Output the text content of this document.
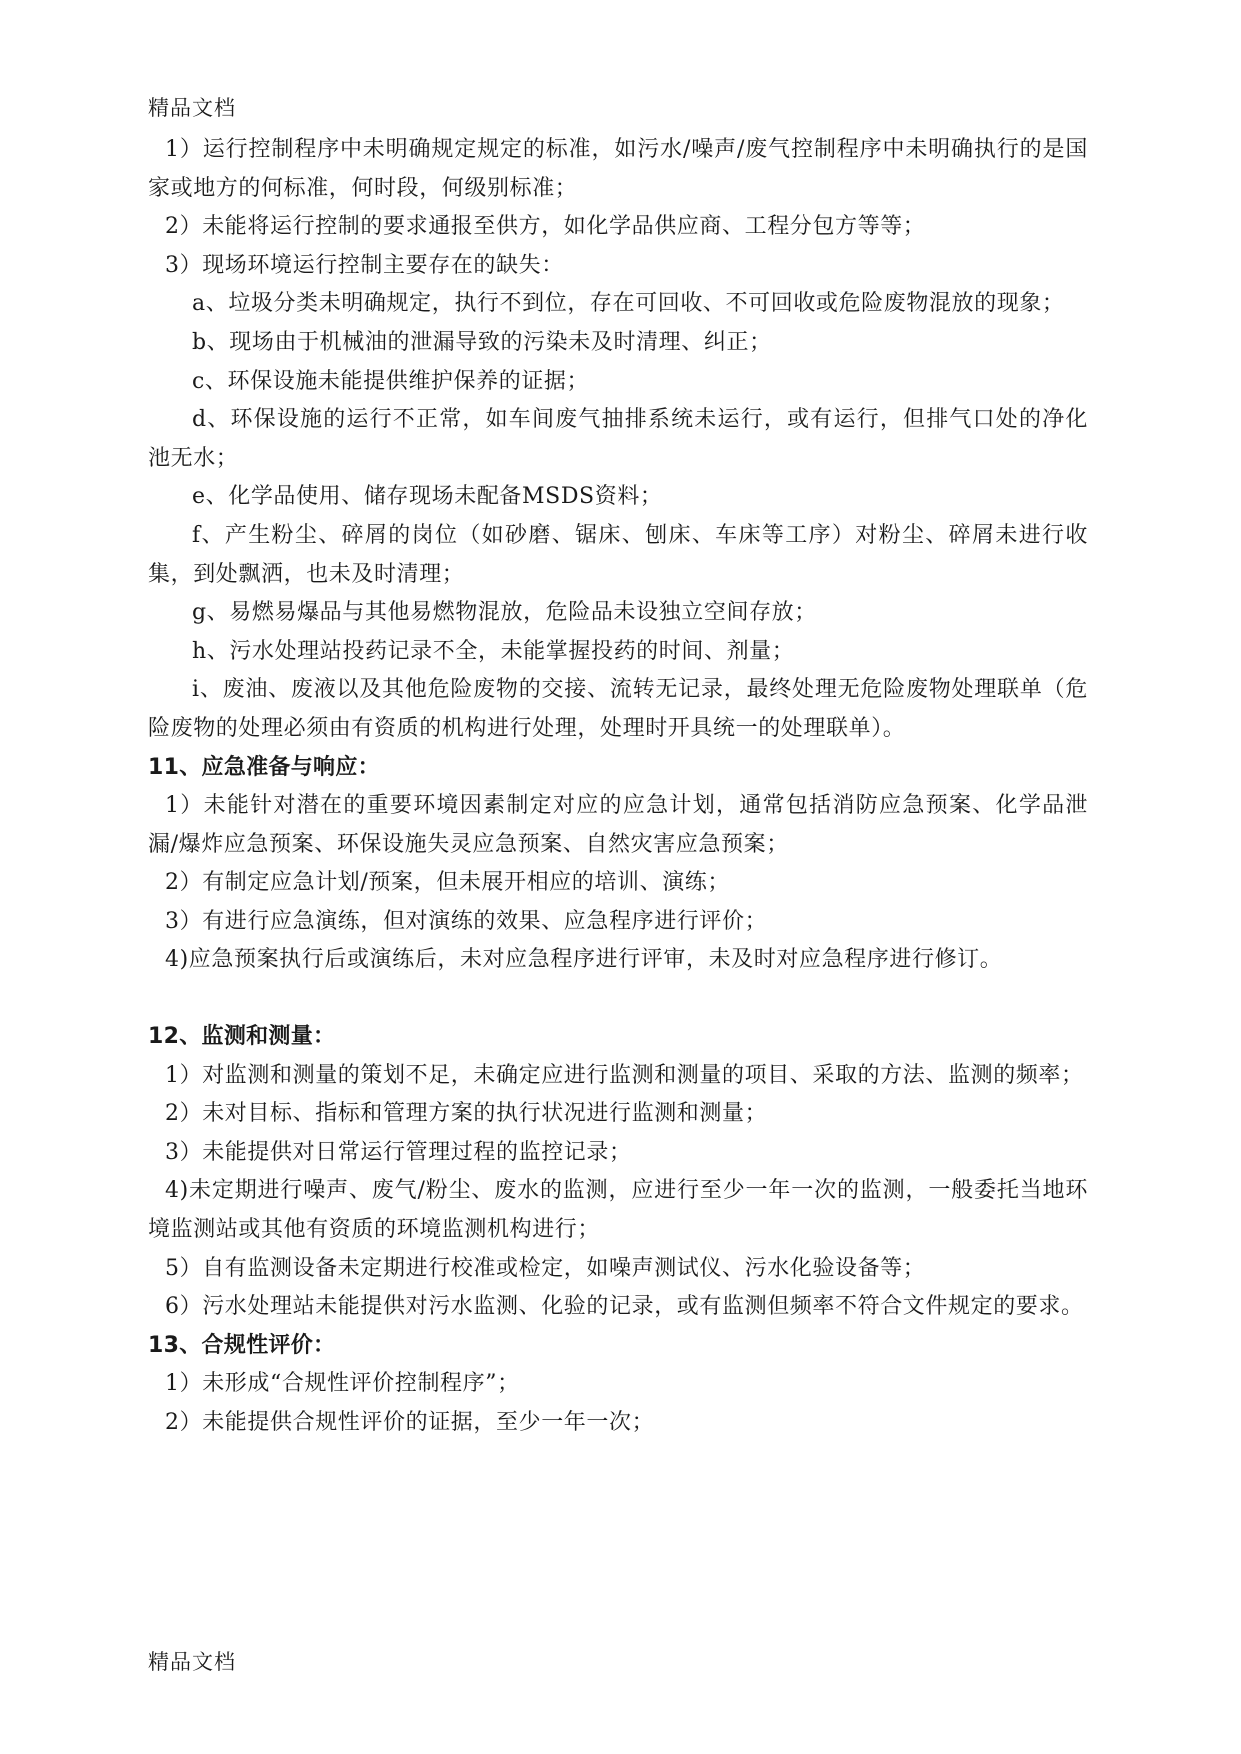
精品文档

1）运行控制程序中未明确规定规定的标准，如污水/噪声/废气控制程序中未明确执行的是国家或地方的何标准，何时段，何级别标准；

2）未能将运行控制的要求通报至供方，如化学品供应商、工程分包方等等；

3）现场环境运行控制主要存在的缺失：

a、垃圾分类未明确规定，执行不到位，存在可回收、不可回收或危险废物混放的现象；

b、现场由于机械油的泄漏导致的污染未及时清理、纠正；

c、环保设施未能提供维护保养的证据；

d、环保设施的运行不正常，如车间废气抽排系统未运行，或有运行，但排气口处的净化池无水；

e、化学品使用、储存现场未配备MSDS资料；

f、产生粉尘、碎屑的岗位（如砂磨、锯床、刨床、车床等工序）对粉尘、碎屑未进行收集，到处飘洒，也未及时清理；

g、易燃易爆品与其他易燃物混放，危险品未设独立空间存放；

h、污水处理站投药记录不全，未能掌握投药的时间、剂量；

i、废油、废液以及其他危险废物的交接、流转无记录，最终处理无危险废物处理联单（危险废物的处理必须由有资质的机构进行处理，处理时开具统一的处理联单）。

11、应急准备与响应：

1）未能针对潜在的重要环境因素制定对应的应急计划，通常包括消防应急预案、化学品泄漏/爆炸应急预案、环保设施失灵应急预案、自然灾害应急预案；

2）有制定应急计划/预案，但未展开相应的培训、演练；

3）有进行应急演练，但对演练的效果、应急程序进行评价；

4)应急预案执行后或演练后，未对应急程序进行评审，未及时对应急程序进行修订。

12、监测和测量：

1）对监测和测量的策划不足，未确定应进行监测和测量的项目、采取的方法、监测的频率；

2）未对目标、指标和管理方案的执行状况进行监测和测量；

3）未能提供对日常运行管理过程的监控记录；

4)未定期进行噪声、废气/粉尘、废水的监测，应进行至少一年一次的监测，一般委托当地环境监测站或其他有资质的环境监测机构进行；

5）自有监测设备未定期进行校准或检定，如噪声测试仪、污水化验设备等；

6）污水处理站未能提供对污水监测、化验的记录，或有监测但频率不符合文件规定的要求。

13、合规性评价：

1）未形成“合规性评价控制程序”；

2）未能提供合规性评价的证据，至少一年一次；

精品文档
